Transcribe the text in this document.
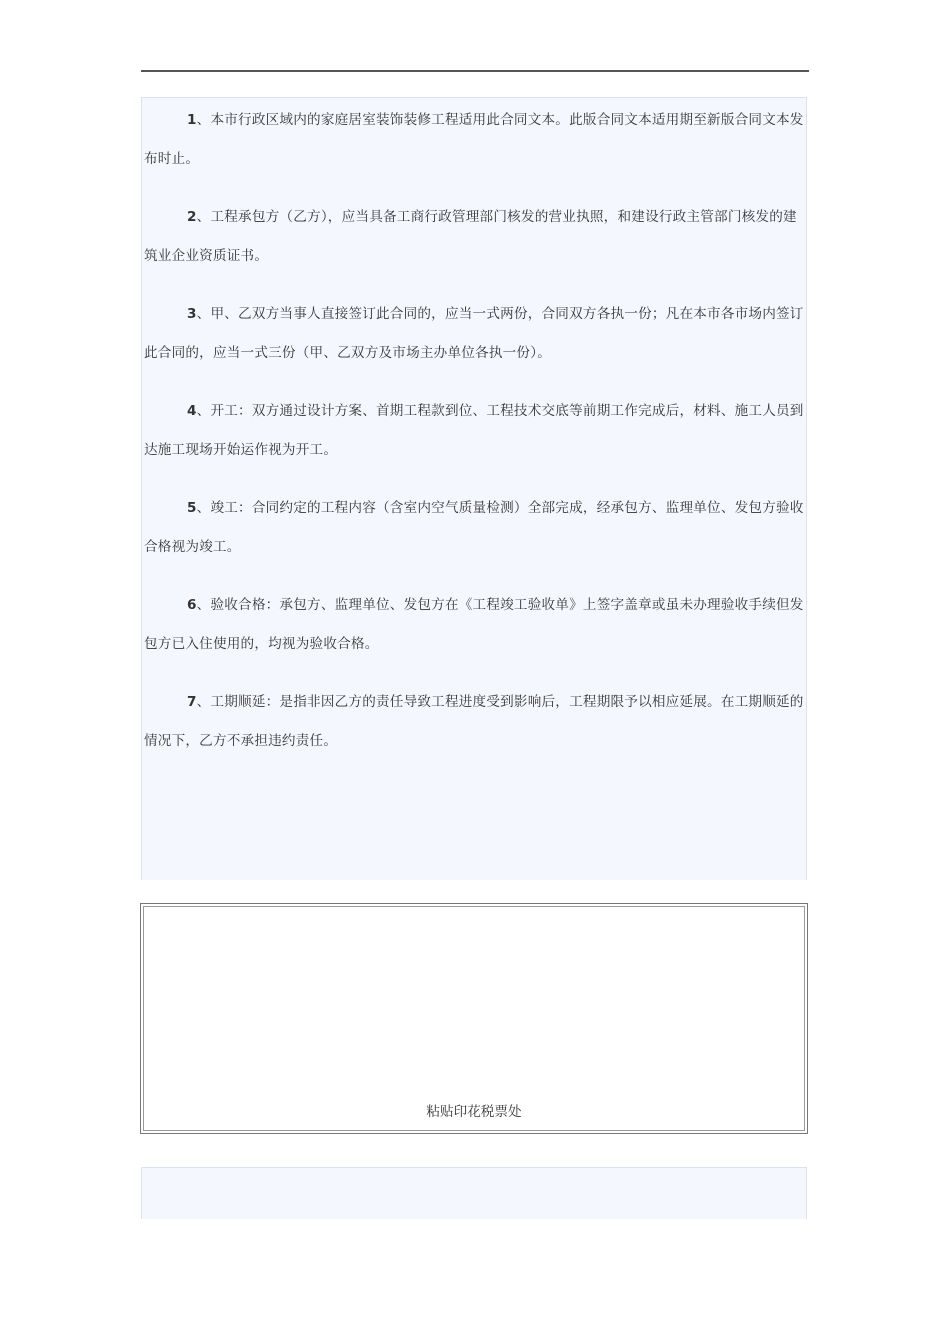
1、本市行政区域内的家庭居室装饰装修工程适用此合同文本。此版合同文本适用期至新版合同文本发布时止。

2、工程承包方（乙方），应当具备工商行政管理部门核发的营业执照，和建设行政主管部门核发的建筑业企业资质证书。

3、甲、乙双方当事人直接签订此合同的，应当一式两份，合同双方各执一份；凡在本市各市场内签订此合同的，应当一式三份（甲、乙双方及市场主办单位各执一份）。

4、开工：双方通过设计方案、首期工程款到位、工程技术交底等前期工作完成后，材料、施工人员到达施工现场开始运作视为开工。

5、竣工：合同约定的工程内容（含室内空气质量检测）全部完成，经承包方、监理单位、发包方验收合格视为竣工。

6、验收合格：承包方、监理单位、发包方在《工程竣工验收单》上签字盖章或虽未办理验收手续但发包方已入住使用的，均视为验收合格。

7、工期顺延：是指非因乙方的责任导致工程进度受到影响后，工程期限予以相应延展。在工期顺延的情况下，乙方不承担违约责任。

粘贴印花税票处
